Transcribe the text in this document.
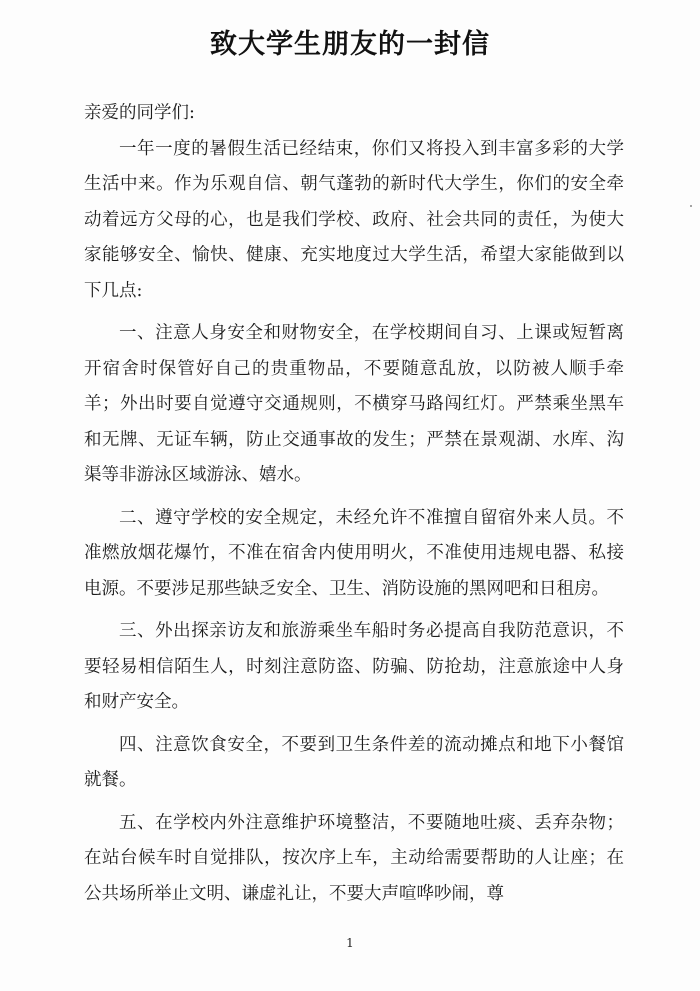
致大学生朋友的一封信

亲爱的同学们:

一年一度的暑假生活已经结束，你们又将投入到丰富多彩的大学生活中来。作为乐观自信、朝气蓬勃的新时代大学生，你们的安全牵动着远方父母的心，也是我们学校、政府、社会共同的责任，为使大家能够安全、愉快、健康、充实地度过大学生活，希望大家能做到以下几点:

一、注意人身安全和财物安全，在学校期间自习、上课或短暂离开宿舍时保管好自己的贵重物品，不要随意乱放，以防被人顺手牵羊；外出时要自觉遵守交通规则，不横穿马路闯红灯。严禁乘坐黑车和无牌、无证车辆，防止交通事故的发生；严禁在景观湖、水库、沟渠等非游泳区域游泳、嬉水。

二、遵守学校的安全规定，未经允许不准擅自留宿外来人员。不准燃放烟花爆竹，不准在宿舍内使用明火，不准使用违规电器、私接电源。不要涉足那些缺乏安全、卫生、消防设施的黑网吧和日租房。

三、外出探亲访友和旅游乘坐车船时务必提高自我防范意识，不要轻易相信陌生人，时刻注意防盗、防骗、防抢劫，注意旅途中人身和财产安全。

四、注意饮食安全，不要到卫生条件差的流动摊点和地下小餐馆就餐。

五、在学校内外注意维护环境整洁，不要随地吐痰、丢弃杂物；在站台候车时自觉排队，按次序上车，主动给需要帮助的人让座；在公共场所举止文明、谦虚礼让，不要大声喧哗吵闹，尊

1
